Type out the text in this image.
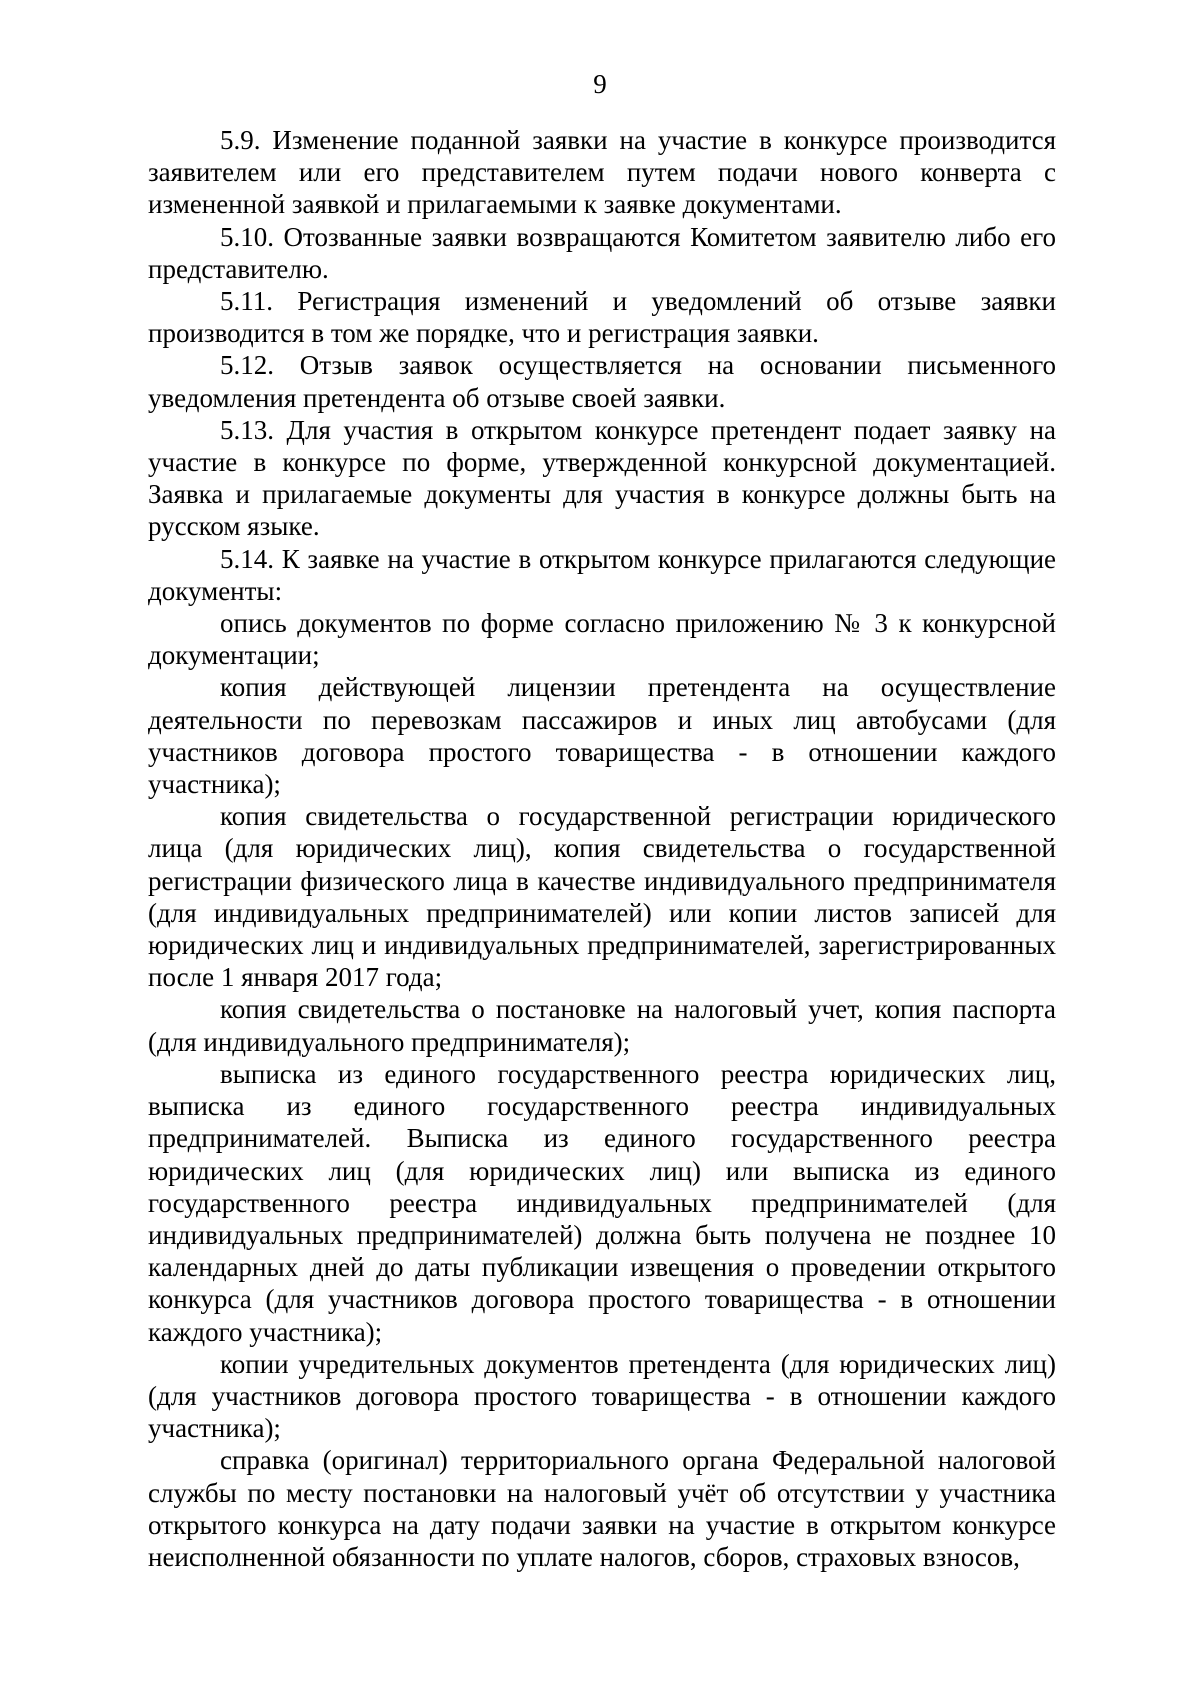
9

5.9. Изменение поданной заявки на участие в конкурсе производится заявителем или его представителем путем подачи нового конверта с измененной заявкой и прилагаемыми к заявке документами.

5.10. Отозванные заявки возвращаются Комитетом заявителю либо его представителю.

5.11. Регистрация изменений и уведомлений об отзыве заявки производится в том же порядке, что и регистрация заявки.

5.12. Отзыв заявок осуществляется на основании письменного уведомления претендента об отзыве своей заявки.

5.13. Для участия в открытом конкурсе претендент подает заявку на участие в конкурсе по форме, утвержденной конкурсной документацией. Заявка и прилагаемые документы для участия в конкурсе должны быть на русском языке.

5.14. К заявке на участие в открытом конкурсе прилагаются следующие документы:

опись документов по форме согласно приложению № 3 к конкурсной документации;

копия действующей лицензии претендента на осуществление деятельности по перевозкам пассажиров и иных лиц автобусами (для участников договора простого товарищества - в отношении каждого участника);

копия свидетельства о государственной регистрации юридического лица (для юридических лиц), копия свидетельства о государственной регистрации физического лица в качестве индивидуального предпринимателя (для индивидуальных предпринимателей) или копии листов записей для юридических лиц и индивидуальных предпринимателей, зарегистрированных после 1 января 2017 года;

копия свидетельства о постановке на налоговый учет, копия паспорта (для индивидуального предпринимателя);

выписка из единого государственного реестра юридических лиц, выписка из единого государственного реестра индивидуальных предпринимателей. Выписка из единого государственного реестра юридических лиц (для юридических лиц) или выписка из единого государственного реестра индивидуальных предпринимателей (для индивидуальных предпринимателей) должна быть получена не позднее 10 календарных дней до даты публикации извещения о проведении открытого конкурса (для участников договора простого товарищества - в отношении каждого участника);

копии учредительных документов претендента (для юридических лиц) (для участников договора простого товарищества - в отношении каждого участника);

справка (оригинал) территориального органа Федеральной налоговой службы по месту постановки на налоговый учёт об отсутствии у участника открытого конкурса на дату подачи заявки на участие в открытом конкурсе неисполненной обязанности по уплате налогов, сборов, страховых взносов,
